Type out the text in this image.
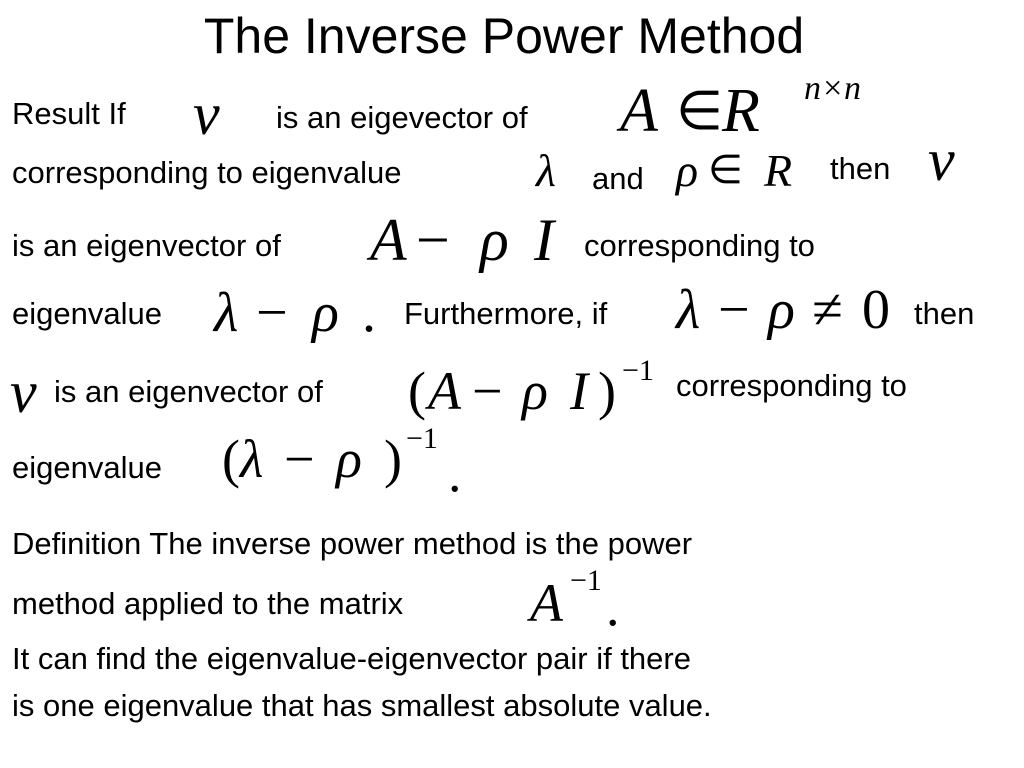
The Inverse Power Method
Result If v is an eigevector of A ∈
R n×n
corresponding to eigenvalue	λ and ρ ∈ R then v
is an eigenvector of A − ρ I corresponding to
eigenvalue λ − ρ . Furthermore, if λ − ρ ≠ 0 then
v is an eigenvector of ( A − ρ I ) −1 corresponding to
eigenvalue ( λ − ρ ) −1
.
Definition The inverse power method is the power
method applied to the matrix A −1 .
It can find the eigenvalue-eigenvector pair if there
is one eigenvalue that has smallest absolute value.
